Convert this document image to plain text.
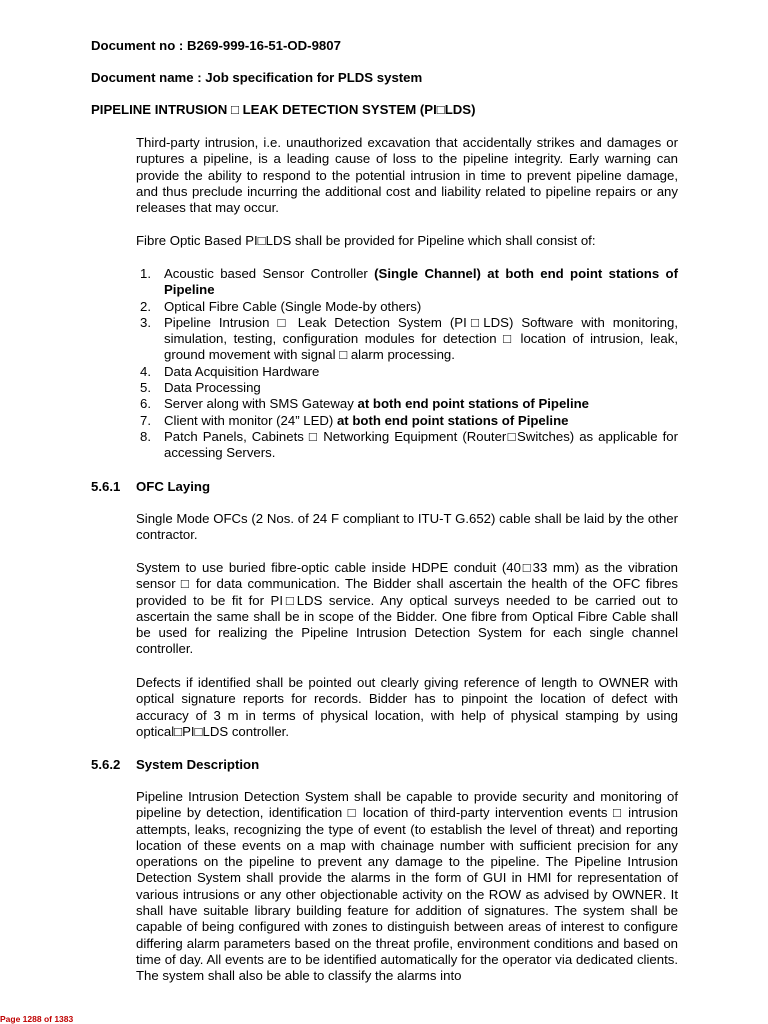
Document no : B269-999-16-51-OD-9807
Document name : Job specification for PLDS system
PIPELINE INTRUSION □ LEAK DETECTION SYSTEM (PI□LDS)

Third-party intrusion, i.e. unauthorized excavation that accidentally strikes and damages or ruptures a pipeline, is a leading cause of loss to the pipeline integrity. Early warning can provide the ability to respond to the potential intrusion in time to prevent pipeline damage, and thus preclude incurring the additional cost and liability related to pipeline repairs or any releases that may occur.

Fibre Optic Based PI□LDS shall be provided for Pipeline which shall consist of:

1. Acoustic based Sensor Controller (Single Channel) at both end point stations of Pipeline
2. Optical Fibre Cable (Single Mode-by others)
3. Pipeline Intrusion □ Leak Detection System (PI□LDS) Software with monitoring, simulation, testing, configuration modules for detection □ location of intrusion, leak, ground movement with signal □ alarm processing.
4. Data Acquisition Hardware
5. Data Processing
6. Server along with SMS Gateway at both end point stations of Pipeline
7. Client with monitor (24” LED) at both end point stations of Pipeline
8. Patch Panels, Cabinets □ Networking Equipment (Router□Switches) as applicable for accessing Servers.
5.6.1 OFC Laying

Single Mode OFCs (2 Nos. of 24 F compliant to ITU-T G.652) cable shall be laid by the other contractor.

System to use buried fibre-optic cable inside HDPE conduit (40□33 mm) as the vibration sensor □ for data communication. The Bidder shall ascertain the health of the OFC fibres provided to be fit for PI□LDS service. Any optical surveys needed to be carried out to ascertain the same shall be in scope of the Bidder. One fibre from Optical Fibre Cable shall be used for realizing the Pipeline Intrusion Detection System for each single channel controller.

Defects if identified shall be pointed out clearly giving reference of length to OWNER with optical signature reports for records. Bidder has to pinpoint the location of defect with accuracy of 3 m in terms of physical location, with help of physical stamping by using optical□PI□LDS controller.

5.6.2 System Description

Pipeline Intrusion Detection System shall be capable to provide security and monitoring of pipeline by detection, identification □ location of third-party intervention events □ intrusion attempts, leaks, recognizing the type of event (to establish the level of threat) and reporting location of these events on a map with chainage number with sufficient precision for any operations on the pipeline to prevent any damage to the pipeline. The Pipeline Intrusion Detection System shall provide the alarms in the form of GUI in HMI for representation of various intrusions or any other objectionable activity on the ROW as advised by OWNER. It shall have suitable library building feature for addition of signatures. The system shall be capable of being configured with zones to distinguish between areas of interest to configure differing alarm parameters based on the threat profile, environment conditions and based on time of day. All events are to be identified automatically for the operator via dedicated clients. The system shall also be able to classify the alarms into

Page 1288 of 1383
